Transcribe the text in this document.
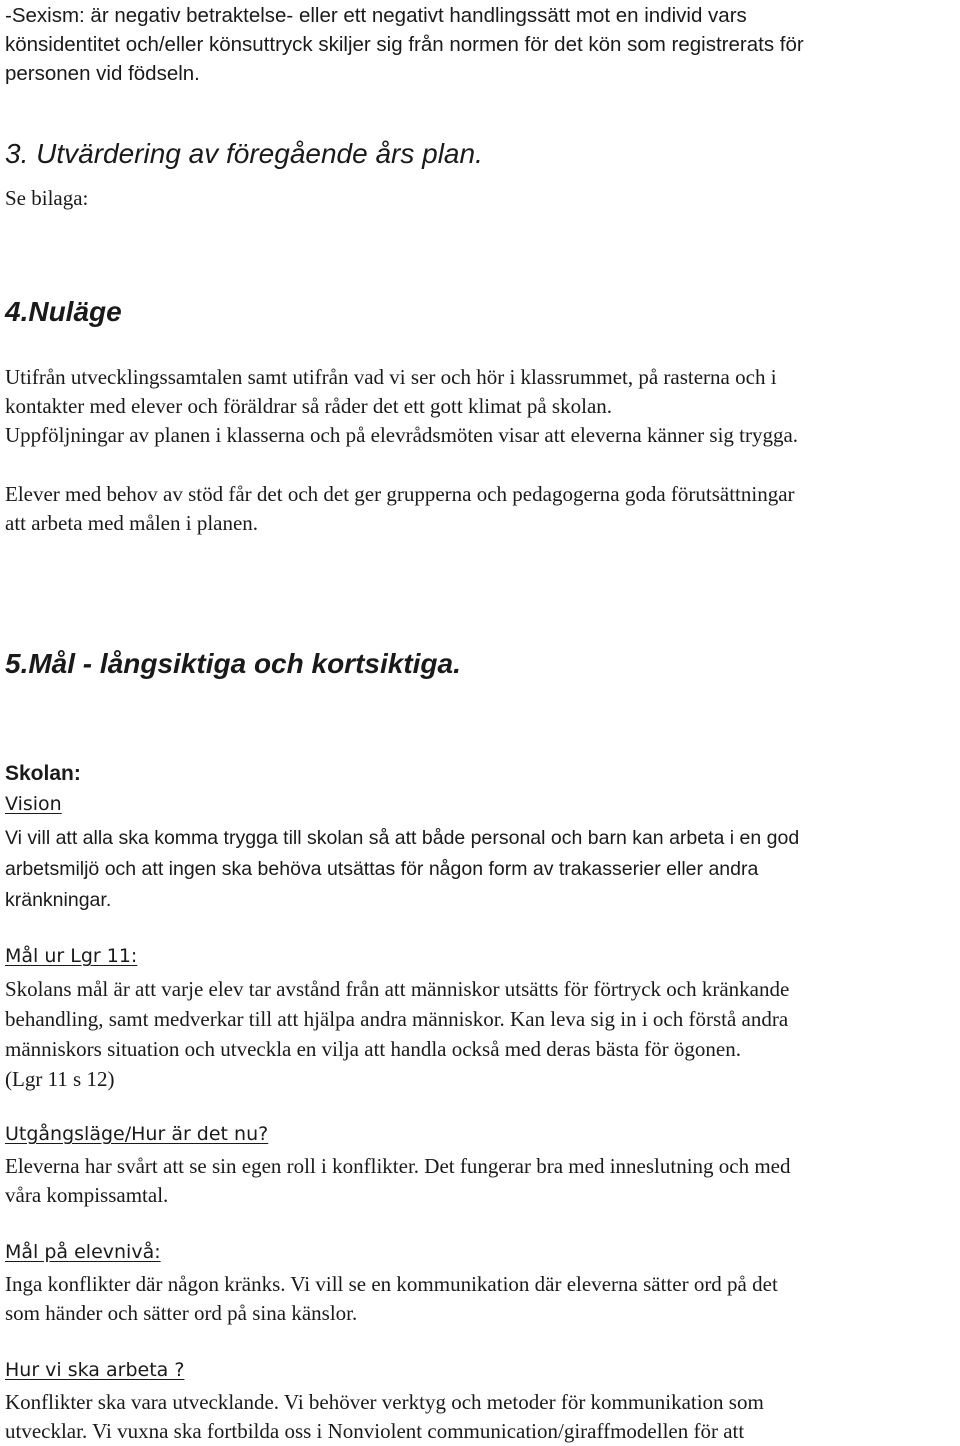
-Sexism: är negativ betraktelse- eller ett negativt handlingssätt mot en individ vars
könsidentitet och/eller könsuttryck skiljer sig från normen för det kön som registrerats för
personen vid födseln.
3. Utvärdering av föregående års plan.
Se bilaga:
4.Nuläge
Utifrån utvecklingssamtalen samt utifrån vad vi ser och hör i klassrummet, på rasterna och i
kontakter med elever och föräldrar så råder det ett gott klimat på skolan.
Uppföljningar av planen i klasserna och på elevrådsmöten visar att eleverna känner sig trygga.
Elever med behov av stöd får det och det ger grupperna och pedagogerna goda förutsättningar
att arbeta med målen i planen.
5.Mål - långsiktiga och kortsiktiga.
Skolan:
Vision
Vi vill att alla ska komma trygga till skolan så att både personal och barn kan arbeta i en god
arbetsmiljö och att ingen ska behöva utsättas för någon form av trakasserier eller andra
kränkningar.
Mål ur Lgr 11:
Skolans mål är att varje elev tar avstånd från att människor utsätts för förtryck och kränkande
behandling, samt medverkar till att hjälpa andra människor. Kan leva sig in i och förstå andra
människors situation och utveckla en vilja att handla också med deras bästa för ögonen.
(Lgr 11 s 12)
Utgångsläge/Hur är det nu?
Eleverna har svårt att se sin egen roll i konflikter. Det fungerar bra med inneslutning och med
våra kompissamtal.
Mål på elevnivå:
Inga konflikter där någon kränks. Vi vill se en kommunikation där eleverna sätter ord på det
som händer och sätter ord på sina känslor.
Hur vi ska arbeta ?
Konflikter ska vara utvecklande. Vi behöver verktyg och metoder för kommunikation som
utvecklar. Vi vuxna ska fortbilda oss i Nonviolent communication/giraffmodellen för att
